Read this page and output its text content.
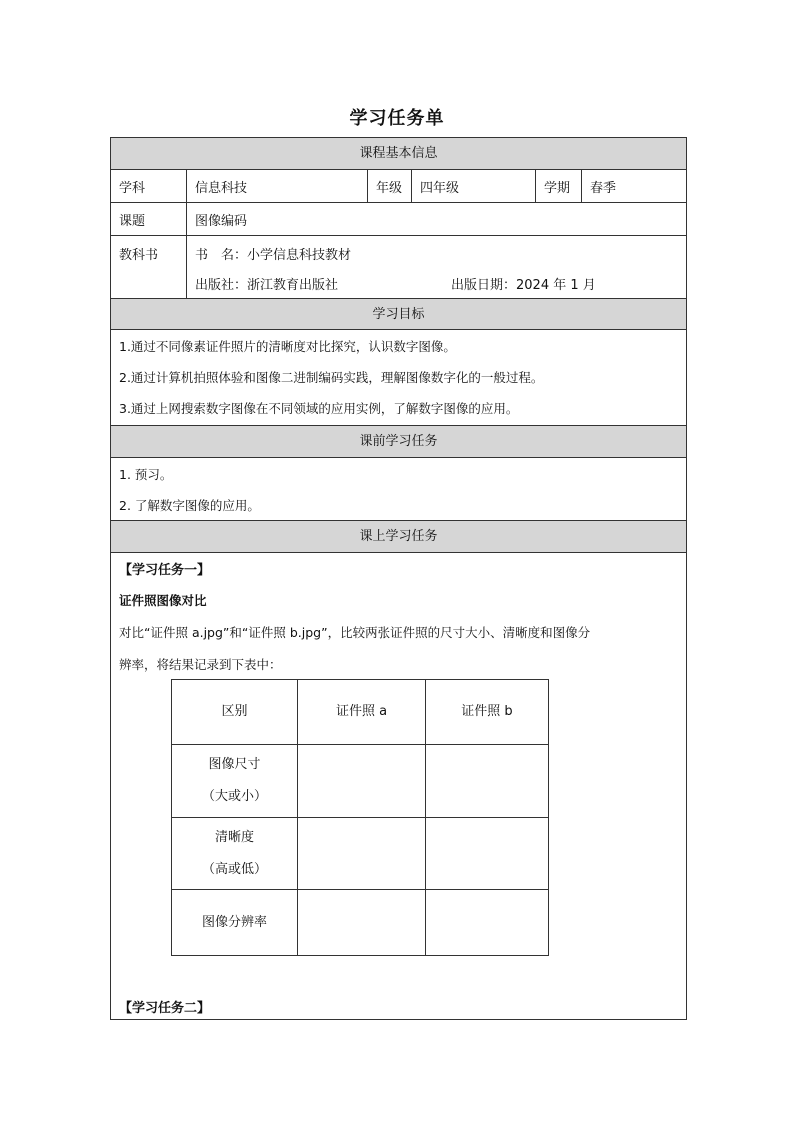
学习任务单
课程基本信息
学科	信息科技	年级	四年级	学期	春季
课题	图像编码
教科书	书　名：小学信息科技教材
出版社：浙江教育出版社	出版日期：2024 年 1 月
学习目标
1.通过不同像素证件照片的清晰度对比探究，认识数字图像。
2.通过计算机拍照体验和图像二进制编码实践，理解图像数字化的一般过程。
3.通过上网搜索数字图像在不同领域的应用实例，了解数字图像的应用。
课前学习任务
1. 预习。
2. 了解数字图像的应用。
课上学习任务
【学习任务一】
证件照图像对比
对比“证件照 a.jpg”和“证件照 b.jpg”，比较两张证件照的尺寸大小、清晰度和图像分
辨率，将结果记录到下表中：
区别	证件照 a	证件照 b

图像尺寸
（大或小）		

清晰度
（高或低）		

图像分辨率		

【学习任务二】
